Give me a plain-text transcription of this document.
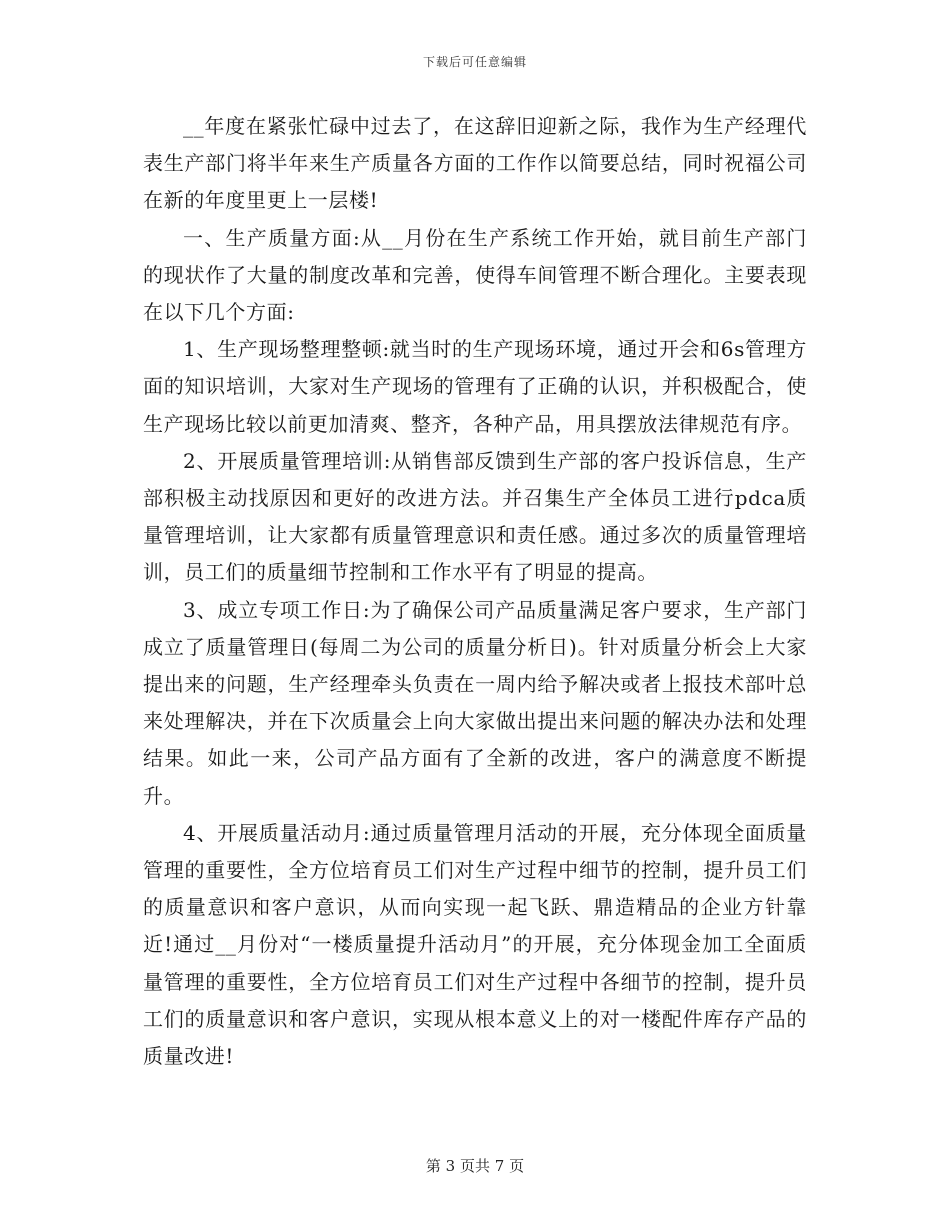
下载后可任意编辑

__年度在紧张忙碌中过去了，在这辞旧迎新之际，我作为生产经理代表生产部门将半年来生产质量各方面的工作作以简要总结，同时祝福公司在新的年度里更上一层楼!

一、生产质量方面:从__月份在生产系统工作开始，就目前生产部门的现状作了大量的制度改革和完善，使得车间管理不断合理化。主要表现在以下几个方面:

1、生产现场整理整顿:就当时的生产现场环境，通过开会和6s管理方面的知识培训，大家对生产现场的管理有了正确的认识，并积极配合，使生产现场比较以前更加清爽、整齐，各种产品，用具摆放法律规范有序。

2、开展质量管理培训:从销售部反馈到生产部的客户投诉信息，生产部积极主动找原因和更好的改进方法。并召集生产全体员工进行pdca质量管理培训，让大家都有质量管理意识和责任感。通过多次的质量管理培训，员工们的质量细节控制和工作水平有了明显的提高。

3、成立专项工作日:为了确保公司产品质量满足客户要求，生产部门成立了质量管理日(每周二为公司的质量分析日)。针对质量分析会上大家提出来的问题，生产经理牵头负责在一周内给予解决或者上报技术部叶总来处理解决，并在下次质量会上向大家做出提出来问题的解决办法和处理结果。如此一来，公司产品方面有了全新的改进，客户的满意度不断提升。

4、开展质量活动月:通过质量管理月活动的开展，充分体现全面质量管理的重要性，全方位培育员工们对生产过程中细节的控制，提升员工们的质量意识和客户意识，从而向实现一起飞跃、鼎造精品的企业方针靠近!通过__月份对“一楼质量提升活动月”的开展，充分体现金加工全面质量管理的重要性，全方位培育员工们对生产过程中各细节的控制，提升员工们的质量意识和客户意识，实现从根本意义上的对一楼配件库存产品的质量改进!

第 3 页共 7 页
